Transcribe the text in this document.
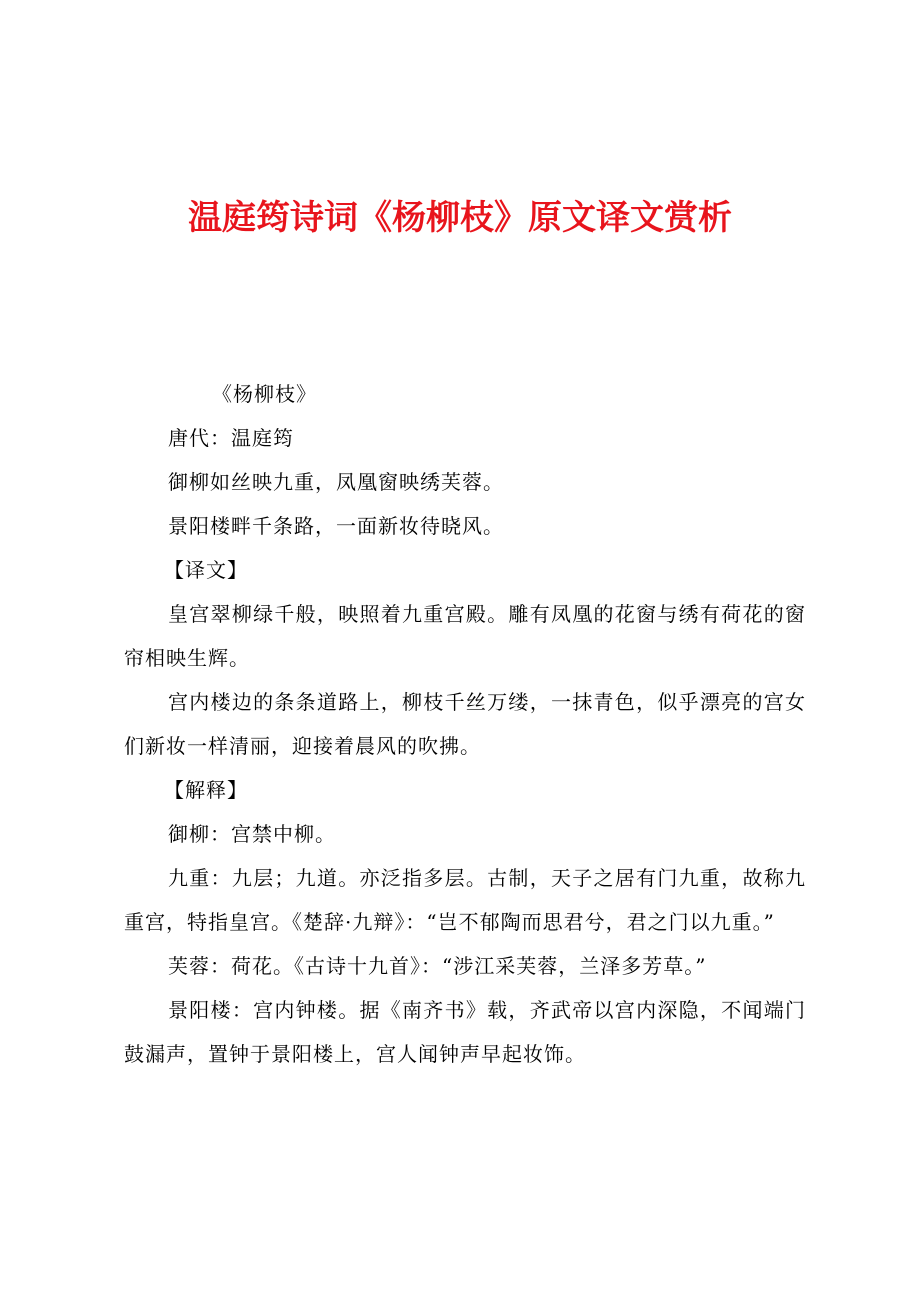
温庭筠诗词《杨柳枝》原文译文赏析

《杨柳枝》

唐代：温庭筠

御柳如丝映九重，凤凰窗映绣芙蓉。

景阳楼畔千条路，一面新妆待晓风。

【译文】

皇宫翠柳绿千般，映照着九重宫殿。雕有凤凰的花窗与绣有荷花的窗帘相映生辉。

宫内楼边的条条道路上，柳枝千丝万缕，一抹青色，似乎漂亮的宫女们新妆一样清丽，迎接着晨风的吹拂。

【解释】

御柳：宫禁中柳。

九重：九层；九道。亦泛指多层。古制，天子之居有门九重，故称九重宫，特指皇宫。《楚辞·九辩》：“岂不郁陶而思君兮，君之门以九重。”

芙蓉：荷花。《古诗十九首》：“涉江采芙蓉，兰泽多芳草。”

景阳楼：宫内钟楼。据《南齐书》载，齐武帝以宫内深隐，不闻端门鼓漏声，置钟于景阳楼上，宫人闻钟声早起妆饰。
